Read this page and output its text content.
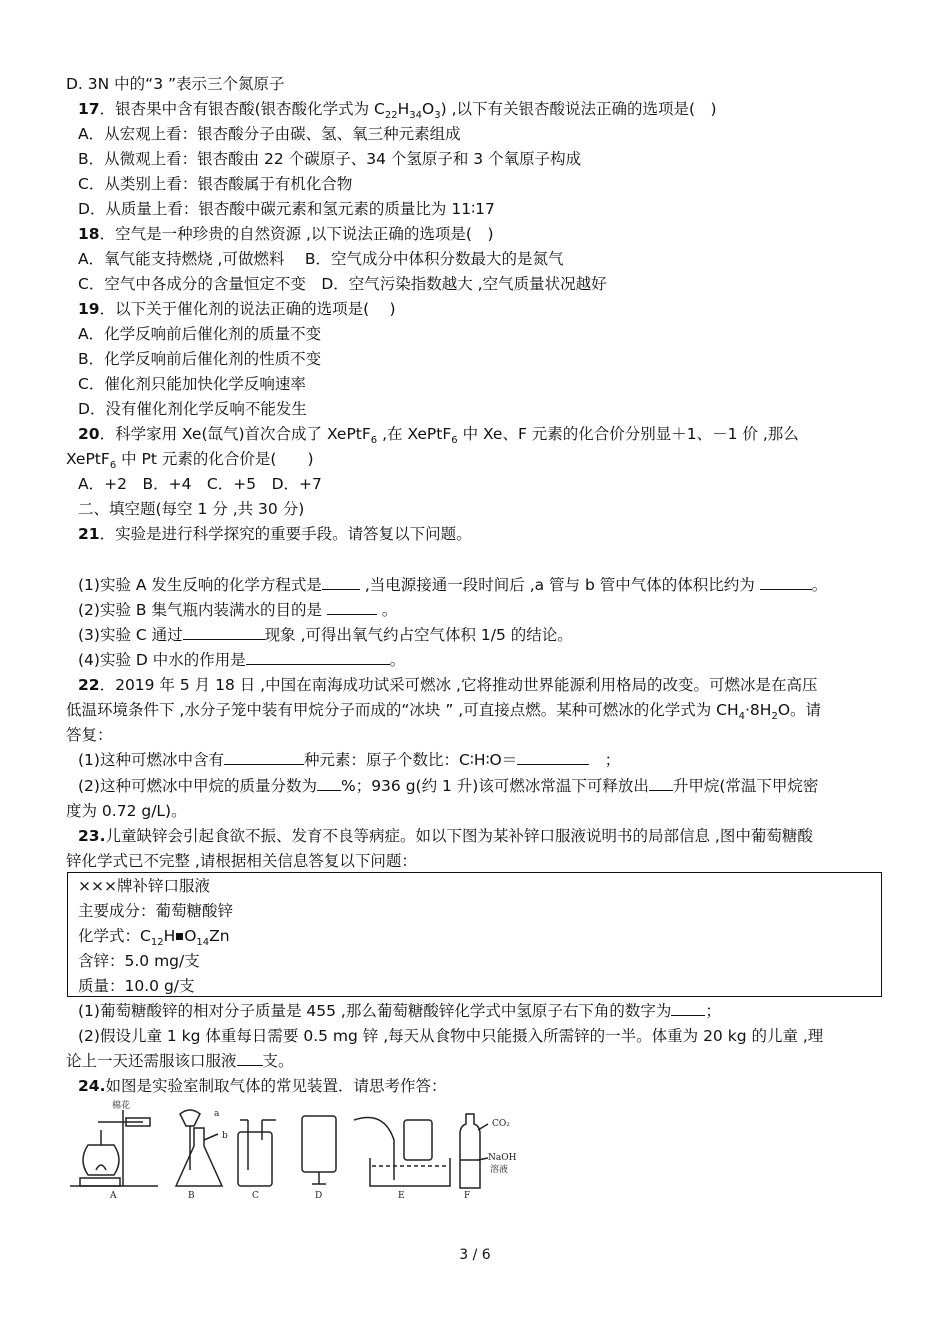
D. 3N 中的“3 ”表示三个氮原子
17．银杏果中含有银杏酸(银杏酸化学式为 $C_{22}H_{34}O_3$) ,以下有关银杏酸说法正确的选项是(　)
A．从宏观上看：银杏酸分子由碳、氢、氧三种元素组成
B．从微观上看：银杏酸由 22 个碳原子、34 个氢原子和 3 个氧原子构成
C．从类别上看：银杏酸属于有机化合物
D．从质量上看：银杏酸中碳元素和氢元素的质量比为 11∶17
18．空气是一种珍贵的自然资源 ,以下说法正确的选项是(　)
A．氧气能支持燃烧 ,可做燃料　 B．空气成分中体积分数最大的是氮气
C．空气中各成分的含量恒定不变　D．空气污染指数越大 ,空气质量状况越好
19．以下关于催化剂的说法正确的选项是(　 )
A．化学反响前后催化剂的质量不变
B．化学反响前后催化剂的性质不变
C．催化剂只能加快化学反响速率
D．没有催化剂化学反响不能发生
20．科学家用 Xe(氙气)首次合成了 XePtF$_6$ ,在 XePtF$_6$ 中 Xe、F 元素的化合价分别显＋1、－1 价 ,那么
XePtF$_6$ 中 Pt 元素的化合价是(　　)
A．+2　B．+4　C．+5　D．+7
二、填空题(每空 1 分 ,共 30 分)
21．实验是进行科学探究的重要手段。请答复以下问题。
(1)实验 A 发生反响的化学方程式是 ,当电源接通一段时间后 ,a 管与 b 管中气体的体积比约为	。
(2)实验 B 集气瓶内装满水的目的是	。
(3)实验 C 通过	现象 ,可得出氧气约占空气体积 1/5 的结论。
(4)实验 D 中水的作用是	。
22．2019 年 5 月 18 日 ,中国在南海成功试采可燃冰 ,它将推动世界能源利用格局的改变。可燃冰是在高压
低温环境条件下 ,水分子笼中装有甲烷分子而成的“冰块 ” ,可直接点燃。某种可燃冰的化学式为 $CH_4\cdot 8H_2O$。请
答复：
(1)这种可燃冰中含有	种元素：原子个数比：C∶H∶O＝	　；
(2)这种可燃冰中甲烷的质量分数为 %；936 g(约 1 升)该可燃冰常温下可释放出 升甲烷(常温下甲烷密
度为 0.72 g/L)。
23.儿童缺锌会引起食欲不振、发育不良等病症。如以下图为某补锌口服液说明书的局部信息 ,图中葡萄糖酸
锌化学式已不完整 ,请根据相关信息答复以下问题：
×××牌补锌口服液
主要成分：葡萄糖酸锌
化学式：$C_{12}H$ $O_{14}Zn$
含锌：5.0 mg/支
质量：10.0 g/支
(1)葡萄糖酸锌的相对分子质量是 455 ,那么葡萄糖酸锌化学式中氢原子右下角的数字为 ；
(2)假设儿童 1 kg 体重每日需要 0.5 mg 锌 ,每天从食物中只能摄入所需锌的一半。体重为 20 kg 的儿童 ,理
论上一天还需服该口服液 支。
24.如图是实验室制取气体的常见装置．请思考作答：
棉花
a
b
CO₂
NaOH
溶液
A	B	C	D	E	F
3 / 6
